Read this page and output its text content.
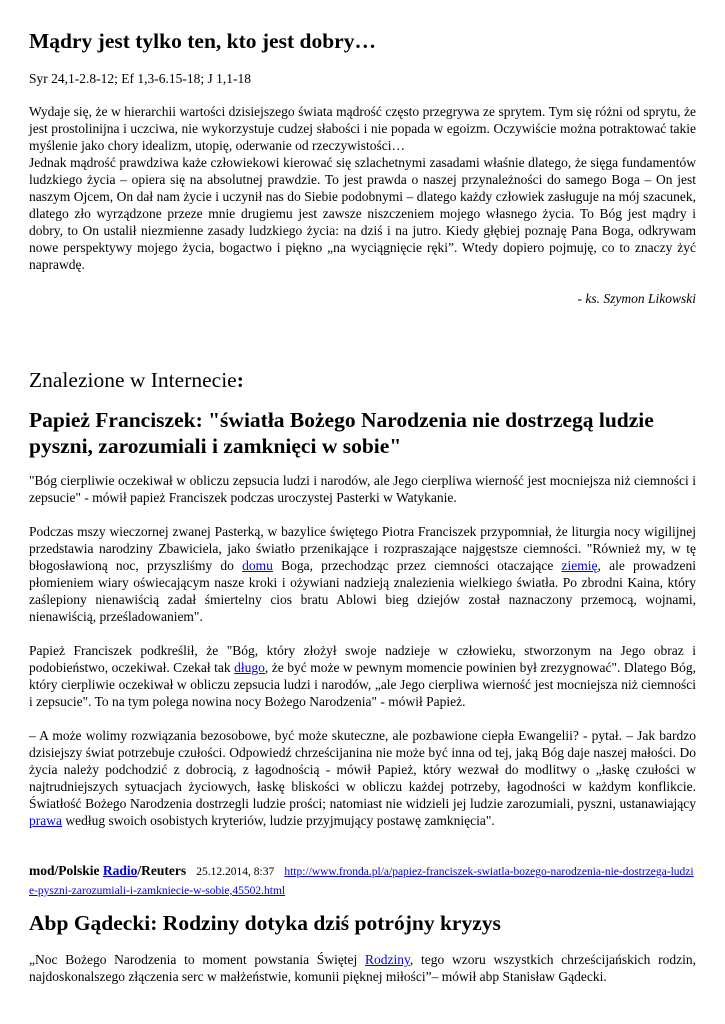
Mądry jest tylko ten, kto jest dobry…
Syr 24,1-2.8-12; Ef 1,3-6.15-18; J 1,1-18

Wydaje się, że w hierarchii wartości dzisiejszego świata mądrość często przegrywa ze sprytem. Tym się różni od sprytu, że jest prostolinijna i uczciwa, nie wykorzystuje cudzej słabości i nie popada w egoizm. Oczywiście można potraktować takie myślenie jako chory idealizm, utopię, oderwanie od rzeczywistości…

Jednak mądrość prawdziwa każe człowiekowi kierować się szlachetnymi zasadami właśnie dlatego, że sięga fundamentów ludzkiego życia – opiera się na absolutnej prawdzie. To jest prawda o naszej przynależności do samego Boga – On jest naszym Ojcem, On dał nam życie i uczynił nas do Siebie podobnymi – dlatego każdy człowiek zasługuje na mój szacunek, dlatego zło wyrządzone przeze mnie drugiemu jest zawsze niszczeniem mojego własnego życia. To Bóg jest mądry i dobry, to On ustalił niezmienne zasady ludzkiego życia: na dziś i na jutro. Kiedy głębiej poznaję Pana Boga, odkrywam nowe perspektywy mojego życia, bogactwo i piękno „na wyciągnięcie ręki”. Wtedy dopiero pojmuję, co to znaczy żyć naprawdę.

- ks. Szymon Likowski
Znalezione w Internecie:
Papież Franciszek: "światła Bożego Narodzenia nie dostrzegą ludzie pyszni, zarozumiali i zamknięci w sobie"

"Bóg cierpliwie oczekiwał w obliczu zepsucia ludzi i narodów, ale Jego cierpliwa wierność jest mocniejsza niż ciemności i zepsucie" - mówił papież Franciszek podczas uroczystej Pasterki w Watykanie.

Podczas mszy wieczornej zwanej Pasterką, w bazylice świętego Piotra Franciszek przypomniał, że liturgia nocy wigilijnej przedstawia narodziny Zbawiciela, jako światło przenikające i rozpraszające najgęstsze ciemności. "Również my, w tę błogosławioną noc, przyszliśmy do domu Boga, przechodząc przez ciemności otaczające ziemię, ale prowadzeni płomieniem wiary oświecającym nasze kroki i ożywiani nadzieją znalezienia wielkiego światła. Po zbrodni Kaina, który zaślepiony nienawiścią zadał śmiertelny cios bratu Ablowi bieg dziejów został naznaczony przemocą, wojnami, nienawiścią, prześladowaniem".

Papież Franciszek podkreślił, że "Bóg, który złożył swoje nadzieje w człowieku, stworzonym na Jego obraz i podobieństwo, oczekiwał. Czekał tak długo, że być może w pewnym momencie powinien był zrezygnować". Dlatego Bóg, który cierpliwie oczekiwał w obliczu zepsucia ludzi i narodów, „ale Jego cierpliwa wierność jest mocniejsza niż ciemności i zepsucie". To na tym polega nowina nocy Bożego Narodzenia" - mówił Papież.

– A może wolimy rozwiązania bezosobowe, być może skuteczne, ale pozbawione ciepła Ewangelii? - pytał. – Jak bardzo dzisiejszy świat potrzebuje czułości. Odpowiedź chrześcijanina nie może być inna od tej, jaką Bóg daje naszej małości. Do życia należy podchodzić z dobrocią, z łagodnością - mówił Papież, który wezwał do modlitwy o „łaskę czułości w najtrudniejszych sytuacjach życiowych, łaskę bliskości w obliczu każdej potrzeby, łagodności w każdym konflikcie. Światłość Bożego Narodzenia dostrzegli ludzie prości; natomiast nie widzieli jej ludzie zarozumiali, pyszni, ustanawiający prawa według swoich osobistych kryteriów, ludzie przyjmujący postawę zamknięcia".

mod/Polskie Radio/Reuters 25.12.2014, 8:37 http://www.fronda.pl/a/papiez-franciszek-swiatla-bozego-narodzenia-nie-dostrzega-ludzie-pyszni-zarozumiali-i-zamkniecie-w-sobie,45502.html
Abp Gądecki: Rodziny dotyka dziś potrójny kryzys

„Noc Bożego Narodzenia to moment powstania Świętej Rodziny, tego wzoru wszystkich chrześcijańskich rodzin, najdoskonalszego złączenia serc w małżeństwie, komunii pięknej miłości”– mówił abp Stanisław Gądecki.
